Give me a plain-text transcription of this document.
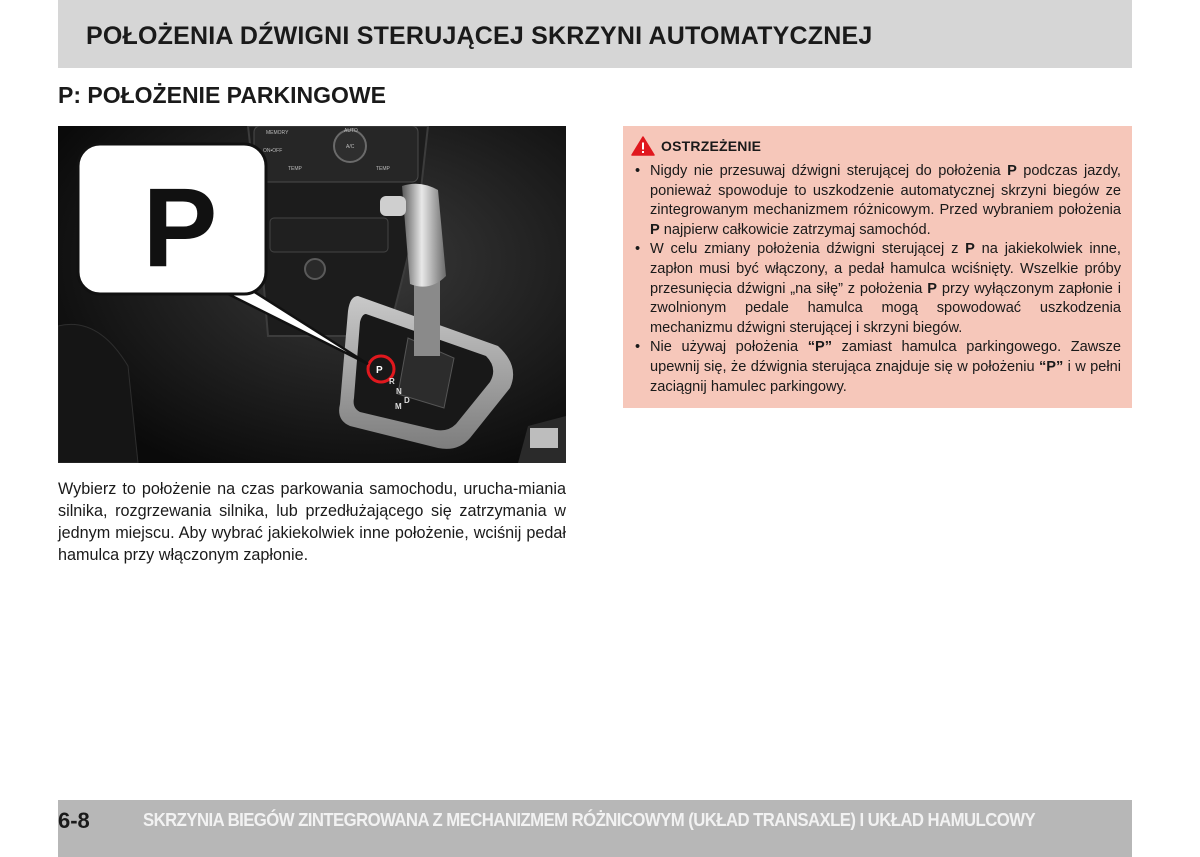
POŁOŻENIA DŹWIGNI STERUJĄCEJ SKRZYNI AUTOMATYCZNEJ
P: POŁOŻENIE PARKINGOWE
MEMORY	AUTO
ON•OFF
A/C
TEMP	TEMP
P
R
N
D
M
P

Wybierz to położenie na czas parkowania samochodu, urucha-miania silnika, rozgrzewania silnika, lub przedłużającego się zatrzymania w jednym miejscu. Aby wybrać jakiekolwiek inne położenie, wciśnij pedał hamulca przy włączonym zapłonie.

OSTRZEŻENIE
• Nigdy nie przesuwaj dźwigni sterującej do położenia P podczas jazdy, ponieważ spowoduje to uszkodzenie automatycznej skrzyni biegów ze zintegrowanym mechanizmem różnicowym. Przed wybraniem położenia P najpierw całkowicie zatrzymaj samochód.
• W celu zmiany położenia dźwigni sterującej z P na jakiekolwiek inne, zapłon musi być włączony, a pedał hamulca wciśnięty. Wszelkie próby przesunięcia dźwigni „na siłę” z położenia P przy wyłączonym zapłonie i zwolnionym pedale hamulca mogą spowodować uszkodzenia mechanizmu dźwigni sterującej i skrzyni biegów.
• Nie używaj położenia “P” zamiast hamulca parkingowego. Zawsze upewnij się, że dźwignia sterująca znajduje się w położeniu “P” i w pełni zaciągnij hamulec parkingowy.
6-8	SKRZYNIA BIEGÓW ZINTEGROWANA Z MECHANIZMEM RÓŻNICOWYM (UKŁAD TRANSAXLE) I UKŁAD HAMULCOWY
